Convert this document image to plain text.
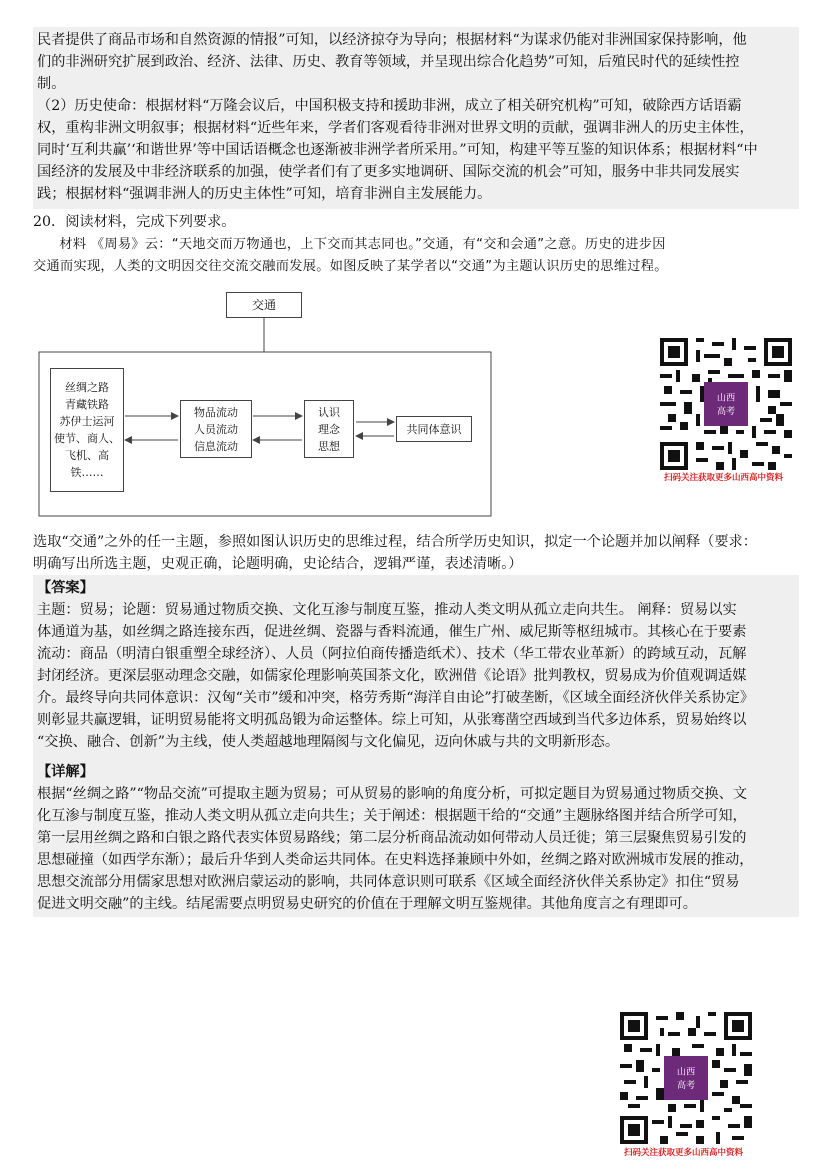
民者提供了商品市场和自然资源的情报”可知，以经济掠夺为导向；根据材料“为谋求仍能对非洲国家保持影响，他
们的非洲研究扩展到政治、经济、法律、历史、教育等领域，并呈现出综合化趋势”可知，后殖民时代的延续性控
制。
（2）历史使命：根据材料“万隆会议后，中国积极支持和援助非洲，成立了相关研究机构”可知，破除西方话语霸
权，重构非洲文明叙事；根据材料“近些年来，学者们客观看待非洲对世界文明的贡献，强调非洲人的历史主体性，
同时‘互利共赢’‘和谐世界’等中国话语概念也逐渐被非洲学者所采用。”可知，构建平等互鉴的知识体系；根据材料“中
国经济的发展及中非经济联系的加强，使学者们有了更多实地调研、国际交流的机会”可知，服务中非共同发展实
践；根据材料“强调非洲人的历史主体性”可知，培育非洲自主发展能力。
20．阅读材料，完成下列要求。
材料 《周易》云：“天地交而万物通也，上下交而其志同也。”交通，有“交和会通”之意。历史的进步因
交通而实现，人类的文明因交往交流交融而发展。如图反映了某学者以“交通”为主题认识历史的思维过程。
交通
丝绸之路
青藏铁路
苏伊士运河
使节、商人、
飞机、高
铁……
物品流动
人员流动
信息流动
认识
理念
思想
共同体意识
山西
高考
扫码关注获取更多山西高中资料
选取“交通”之外的任一主题，参照如图认识历史的思维过程，结合所学历史知识，拟定一个论题并加以阐释（要求：
明确写出所选主题，史观正确，论题明确，史论结合，逻辑严谨，表述清晰。）
【答案】
主题：贸易；论题：贸易通过物质交换、文化互渗与制度互鉴，推动人类文明从孤立走向共生。 阐释：贸易以实
体通道为基，如丝绸之路连接东西，促进丝绸、瓷器与香料流通，催生广州、威尼斯等枢纽城市。其核心在于要素
流动：商品（明清白银重塑全球经济）、人员（阿拉伯商传播造纸术）、技术（华工带农业革新）的跨域互动，瓦解
封闭经济。更深层驱动理念交融，如儒家伦理影响英国茶文化，欧洲借《论语》批判教权，贸易成为价值观调适媒
介。最终导向共同体意识：汉匈“关市”缓和冲突，格劳秀斯“海洋自由论”打破垄断，《区域全面经济伙伴关系协定》
则彰显共赢逻辑，证明贸易能将文明孤岛锻为命运整体。综上可知，从张骞凿空西域到当代多边体系，贸易始终以
“交换、融合、创新”为主线，使人类超越地理隔阂与文化偏见，迈向休戚与共的文明新形态。
【详解】
根据“丝绸之路”“物品交流”可提取主题为贸易；可从贸易的影响的角度分析，可拟定题目为贸易通过物质交换、文
化互渗与制度互鉴，推动人类文明从孤立走向共生；关于阐述：根据题干给的“交通”主题脉络图并结合所学可知，
第一层用丝绸之路和白银之路代表实体贸易路线；第二层分析商品流动如何带动人员迁徙；第三层聚焦贸易引发的
思想碰撞（如西学东渐）；最后升华到人类命运共同体。在史料选择兼顾中外如，丝绸之路对欧洲城市发展的推动，
思想交流部分用儒家思想对欧洲启蒙运动的影响，共同体意识则可联系《区域全面经济伙伴关系协定》扣住“贸易
促进文明交融”的主线。结尾需要点明贸易史研究的价值在于理解文明互鉴规律。其他角度言之有理即可。
山西
高考
扫码关注获取更多山西高中资料
